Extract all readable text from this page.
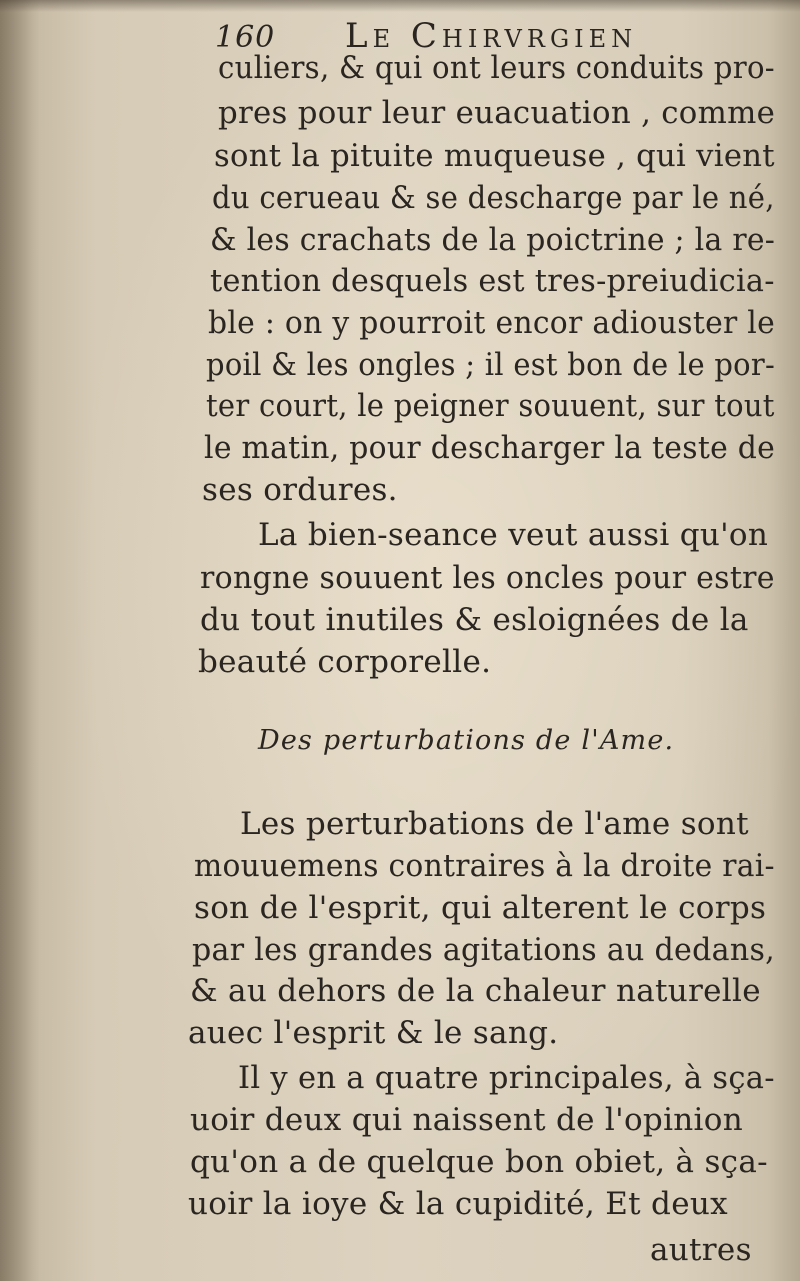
160 Le Chirvrgien
culiers, & qui ont leurs conduits pro-
pres pour leur euacuation , comme
sont la pituite muqueuse , qui vient
du cerueau & se descharge par le né,
& les crachats de la poictrine ; la re-
tention desquels est tres-preiudicia-
ble : on y pourroit encor adiouster le
poil & les ongles ; il est bon de le por-
ter court, le peigner souuent, sur tout
le matin, pour descharger la teste de
ses ordures.
La bien-seance veut aussi qu'on
rongne souuent les oncles pour estre
du tout inutiles & esloignées de la
beauté corporelle.
Des perturbations de l'Ame.
Les perturbations de l'ame sont
mouuemens contraires à la droite rai-
son de l'esprit, qui alterent le corps
par les grandes agitations au dedans,
& au dehors de la chaleur naturelle
auec l'esprit & le sang.
Il y en a quatre principales, à sça-
uoir deux qui naissent de l'opinion
qu'on a de quelque bon obiet, à sça-
uoir la ioye & la cupidité, Et deux
autres
